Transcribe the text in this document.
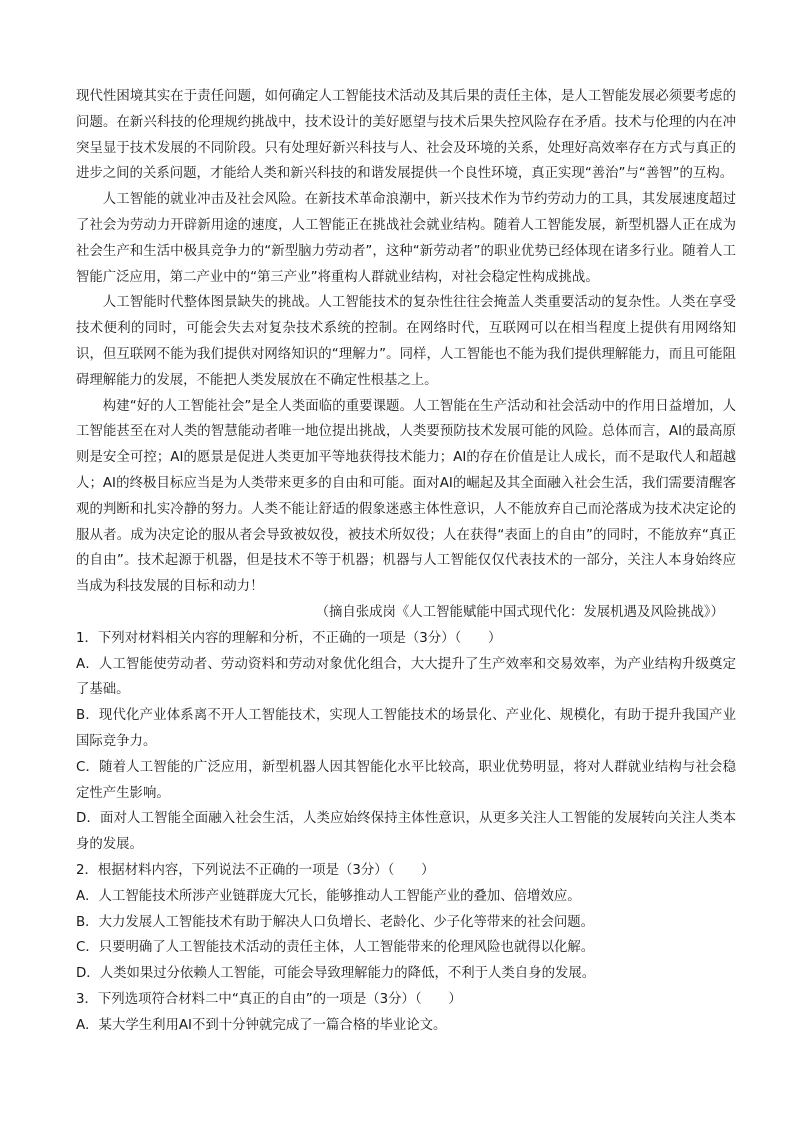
现代性困境其实在于责任问题，如何确定人工智能技术活动及其后果的责任主体，是人工智能发展必须要考虑的问题。在新兴科技的伦理规约挑战中，技术设计的美好愿望与技术后果失控风险存在矛盾。技术与伦理的内在冲突呈显于技术发展的不同阶段。只有处理好新兴科技与人、社会及环境的关系，处理好高效率存在方式与真正的进步之间的关系问题，才能给人类和新兴科技的和谐发展提供一个良性环境，真正实现“善治”与“善智”的互构。

人工智能的就业冲击及社会风险。在新技术革命浪潮中，新兴技术作为节约劳动力的工具，其发展速度超过了社会为劳动力开辟新用途的速度，人工智能正在挑战社会就业结构。随着人工智能发展，新型机器人正在成为社会生产和生活中极具竞争力的“新型脑力劳动者”，这种“新劳动者”的职业优势已经体现在诸多行业。随着人工智能广泛应用，第二产业中的“第三产业”将重构人群就业结构，对社会稳定性构成挑战。

人工智能时代整体图景缺失的挑战。人工智能技术的复杂性往往会掩盖人类重要活动的复杂性。人类在享受技术便利的同时，可能会失去对复杂技术系统的控制。在网络时代，互联网可以在相当程度上提供有用网络知识，但互联网不能为我们提供对网络知识的“理解力”。同样，人工智能也不能为我们提供理解能力，而且可能阻碍理解能力的发展，不能把人类发展放在不确定性根基之上。

构建“好的人工智能社会”是全人类面临的重要课题。人工智能在生产活动和社会活动中的作用日益增加，人工智能甚至在对人类的智慧能动者唯一地位提出挑战，人类要预防技术发展可能的风险。总体而言，AI的最高原则是安全可控；AI的愿景是促进人类更加平等地获得技术能力；AI的存在价值是让人成长，而不是取代人和超越人；AI的终极目标应当是为人类带来更多的自由和可能。面对AI的崛起及其全面融入社会生活，我们需要清醒客观的判断和扎实冷静的努力。人类不能让舒适的假象迷惑主体性意识，人不能放弃自己而沦落成为技术决定论的服从者。成为决定论的服从者会导致被奴役，被技术所奴役；人在获得“表面上的自由”的同时，不能放弃“真正的自由”。技术起源于机器，但是技术不等于机器；机器与人工智能仅仅代表技术的一部分，关注人本身始终应当成为科技发展的目标和动力！

（摘自张成岗《人工智能赋能中国式现代化：发展机遇及风险挑战》）

1．下列对材料相关内容的理解和分析，不正确的一项是（3分）（　　）

A．人工智能使劳动者、劳动资料和劳动对象优化组合，大大提升了生产效率和交易效率，为产业结构升级奠定了基础。

B．现代化产业体系离不开人工智能技术，实现人工智能技术的场景化、产业化、规模化，有助于提升我国产业国际竞争力。

C．随着人工智能的广泛应用，新型机器人因其智能化水平比较高，职业优势明显，将对人群就业结构与社会稳定性产生影响。

D．面对人工智能全面融入社会生活，人类应始终保持主体性意识，从更多关注人工智能的发展转向关注人类本身的发展。

2．根据材料内容，下列说法不正确的一项是（3分）（　　）

A．人工智能技术所涉产业链群庞大冗长，能够推动人工智能产业的叠加、倍增效应。

B．大力发展人工智能技术有助于解决人口负增长、老龄化、少子化等带来的社会问题。

C．只要明确了人工智能技术活动的责任主体，人工智能带来的伦理风险也就得以化解。

D．人类如果过分依赖人工智能，可能会导致理解能力的降低，不利于人类自身的发展。

3．下列选项符合材料二中“真正的自由”的一项是（3分）（　　）

A．某大学生利用AI不到十分钟就完成了一篇合格的毕业论文。
